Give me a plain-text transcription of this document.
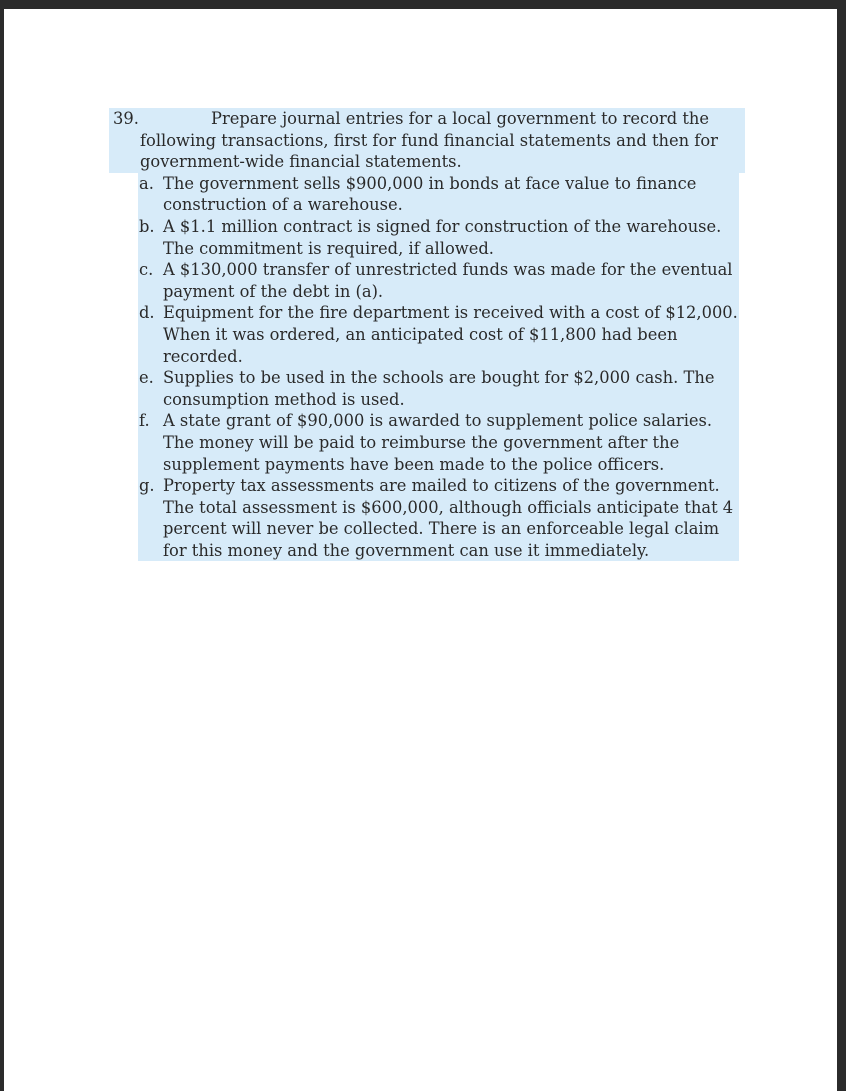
39.	Prepare journal entries for a local government to record the
following transactions, first for fund financial statements and then for government-wide financial statements.
a. The government sells $900,000 in bonds at face value to finance construction of a warehouse.
b. A $1.1 million contract is signed for construction of the warehouse. The commitment is required, if allowed.
c. A $130,000 transfer of unrestricted funds was made for the eventual payment of the debt in (a).
d. Equipment for the fire department is received with a cost of $12,000. When it was ordered, an anticipated cost of $11,800 had been recorded.
e. Supplies to be used in the schools are bought for $2,000 cash. The consumption method is used.
f. A state grant of $90,000 is awarded to supplement police salaries. The money will be paid to reimburse the government after the supplement payments have been made to the police officers.
g. Property tax assessments are mailed to citizens of the government. The total assessment is $600,000, although officials anticipate that 4 percent will never be collected. There is an enforceable legal claim for this money and the government can use it immediately.
